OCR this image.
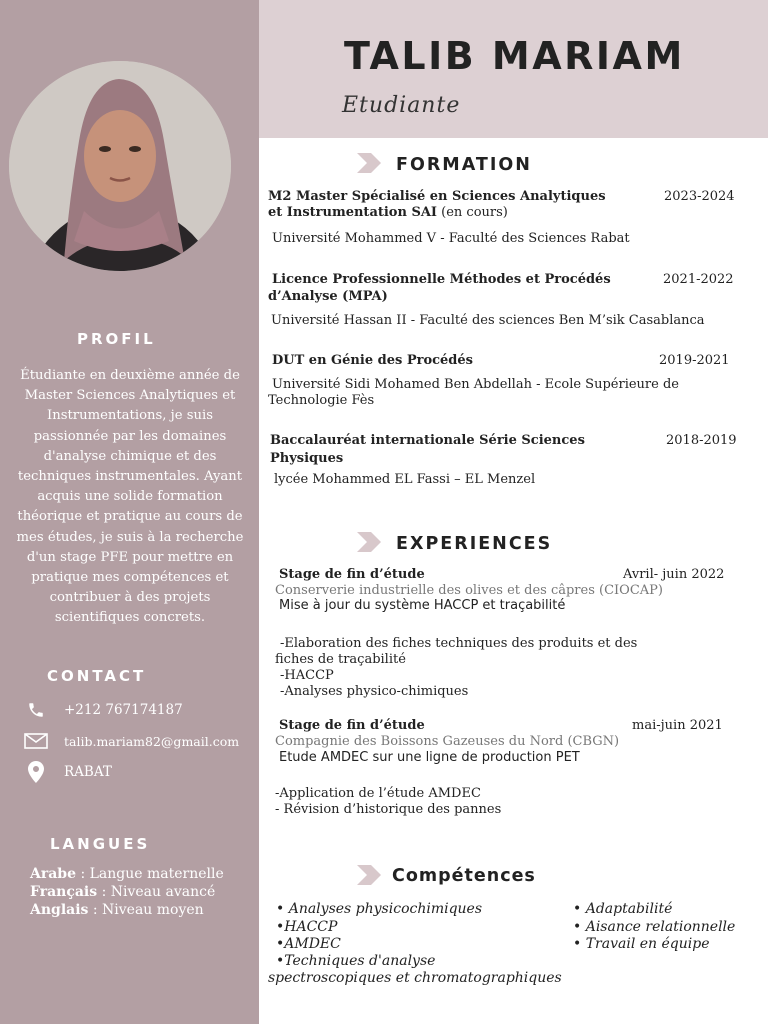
PROFIL
Étudiante en deuxième année de Master Sciences Analytiques et Instrumentations, je suis passionnée par les domaines d'analyse chimique et des techniques instrumentales. Ayant acquis une solide formation théorique et pratique au cours de mes études, je suis à la recherche d'un stage PFE pour mettre en pratique mes compétences et contribuer à des projets scientifiques concrets.
CONTACT
+212 767174187
talib.mariam82@gmail.com
RABAT
LANGUES
Arabe : Langue maternelle
Français : Niveau avancé
Anglais : Niveau moyen
TALIB MARIAM
Etudiante
FORMATION
M2 Master Spécialisé en Sciences Analytiques
et Instrumentation SAI (en cours)
2023-2024
Université Mohammed V - Faculté des Sciences Rabat
Licence Professionnelle Méthodes et Procédés
d’Analyse (MPA)
2021-2022
Université Hassan II - Faculté des sciences Ben M’sik Casablanca
DUT en Génie des Procédés	2019-2021
Université Sidi Mohamed Ben Abdellah - Ecole Supérieure de
Technologie Fès
Baccalauréat internationale Série Sciences
Physiques
2018-2019
lycée Mohammed EL Fassi – EL Menzel
EXPERIENCES
Stage de fin d’étude	Avril- juin 2022
Conserverie industrielle des olives et des câpres (CIOCAP)
Mise à jour du système HACCP et traçabilité
-Elaboration des fiches techniques des produits et des
fiches de traçabilité
-HACCP
-Analyses physico-chimiques
Stage de fin d’étude	mai-juin 2021
Compagnie des Boissons Gazeuses du Nord (CBGN)
Etude AMDEC sur une ligne de production PET
-Application de l’étude AMDEC
- Révision d’historique des pannes
Compétences
• Analyses physicochimiques
•HACCP
•AMDEC
•Techniques d'analyse
spectroscopiques et chromatographiques
• Adaptabilité
• Aisance relationnelle
• Travail en équipe
